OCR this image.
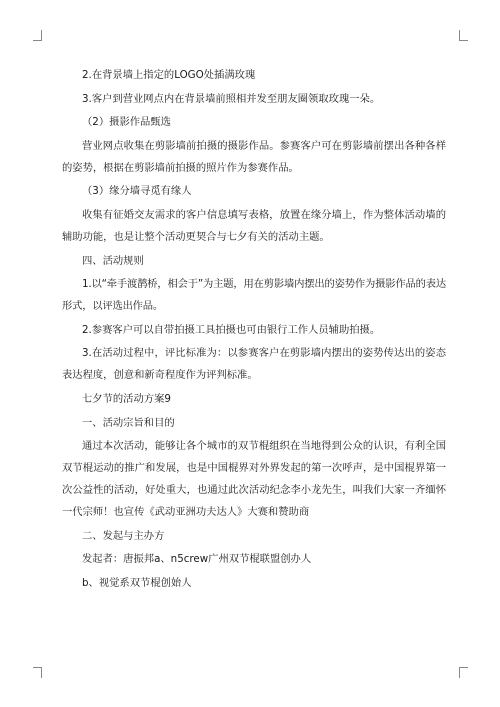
2.在背景墙上指定的LOGO处插满玫瑰

3.客户到营业网点内在背景墙前照相并发至朋友圈领取玫瑰一朵。

（2）摄影作品甄选

营业网点收集在剪影墙前拍摄的摄影作品。参赛客户可在剪影墙前摆出各种各样的姿势，根据在剪影墙前拍摄的照片作为参赛作品。

（3）缘分墙寻觅有缘人

收集有征婚交友需求的客户信息填写表格，放置在缘分墙上，作为整体活动墙的辅助功能，也是让整个活动更契合与七夕有关的活动主题。

四、活动规则

1.以“牵手渡鹊桥，相会于”为主题，用在剪影墙内摆出的姿势作为摄影作品的表达形式，以评选出作品。

2.参赛客户可以自带拍摄工具拍摄也可由银行工作人员辅助拍摄。

3.在活动过程中，评比标准为：以参赛客户在剪影墙内摆出的姿势传达出的姿态表达程度，创意和新奇程度作为评判标准。

七夕节的活动方案9

一、活动宗旨和目的

通过本次活动，能够让各个城市的双节棍组织在当地得到公众的认识，有利全国双节棍运动的推广和发展，也是中国棍界对外界发起的第一次呼声，是中国棍界第一次公益性的活动，好处重大，也通过此次活动纪念李小龙先生，叫我们大家一齐缅怀一代宗师！也宣传《武动亚洲功夫达人》大赛和赞助商

二、发起与主办方

发起者：唐振邦a、n5crew广州双节棍联盟创办人

b、视觉系双节棍创始人
